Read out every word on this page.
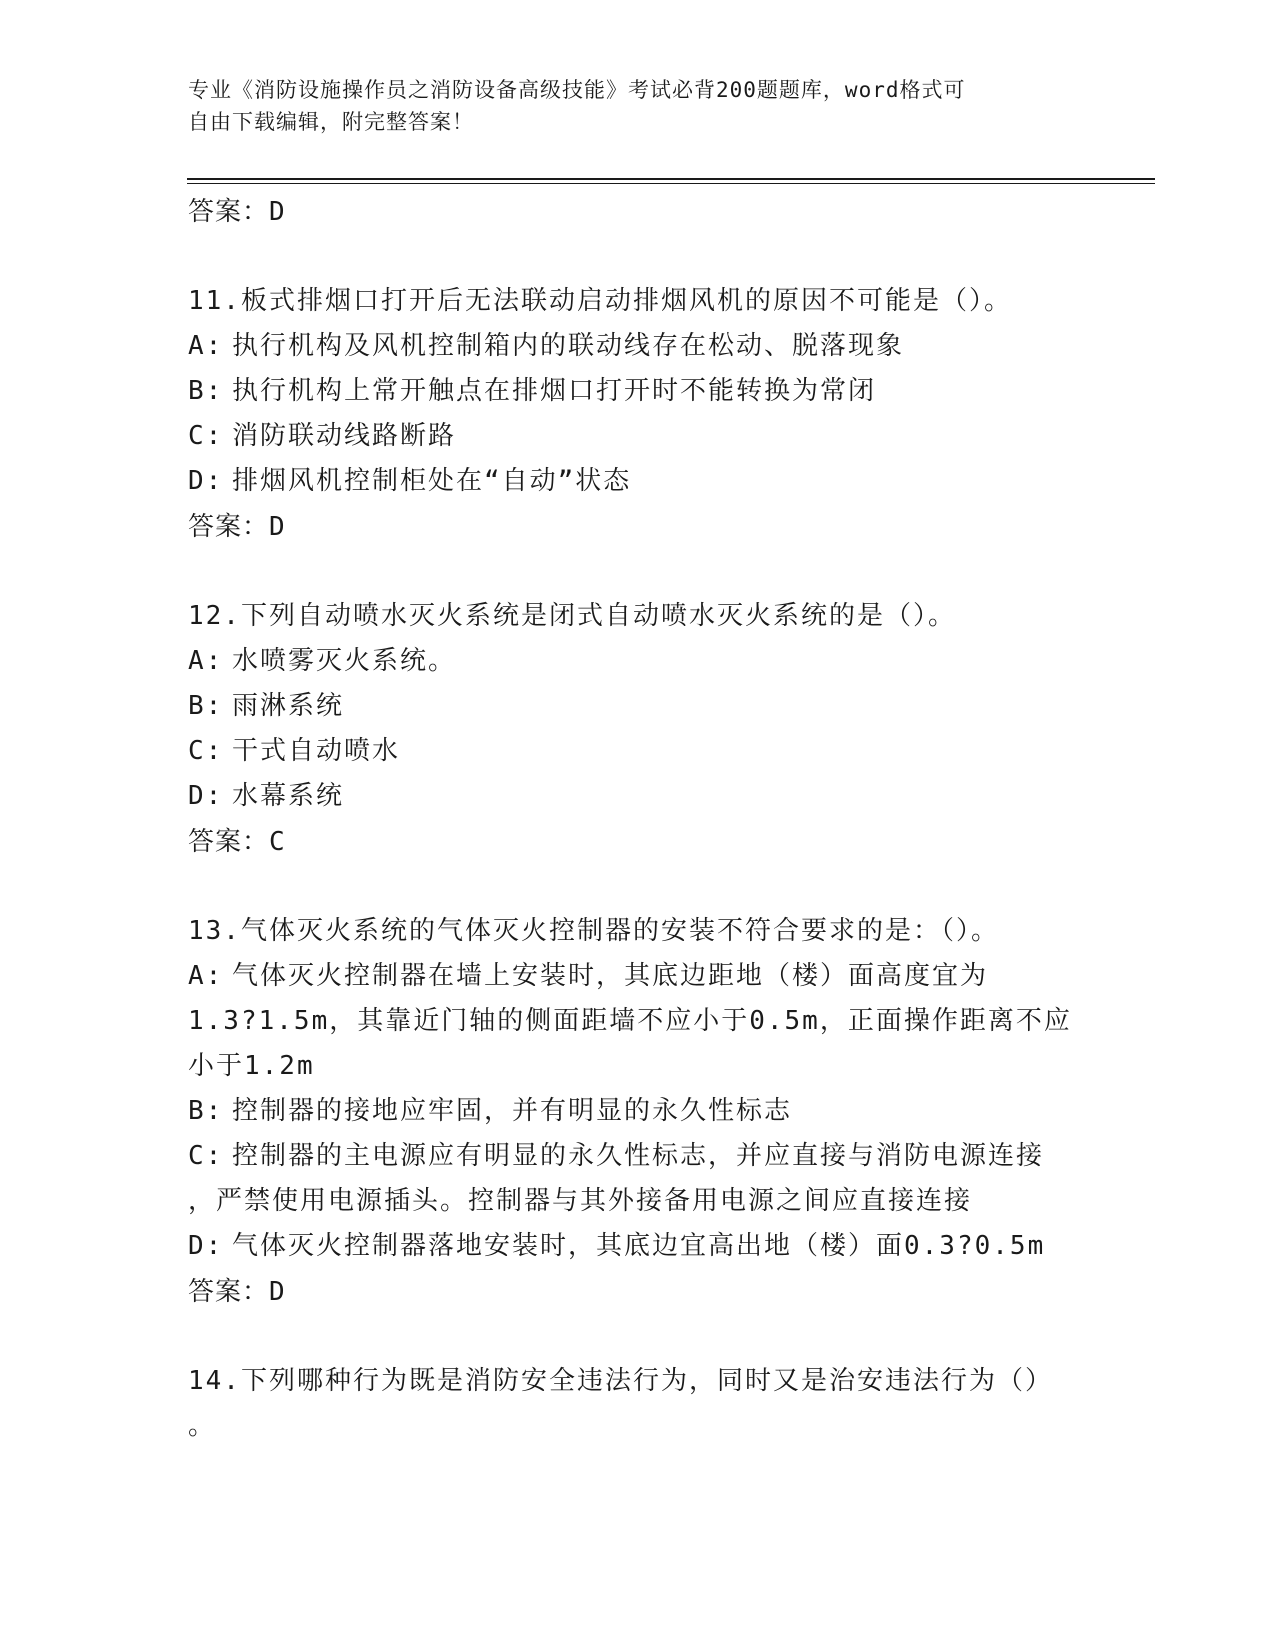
专业《消防设施操作员之消防设备高级技能》考试必背200题题库，word格式可
自由下载编辑，附完整答案！
答案：D
11.板式排烟口打开后无法联动启动排烟风机的原因不可能是（）。
A: 执行机构及风机控制箱内的联动线存在松动、脱落现象
B: 执行机构上常开触点在排烟口打开时不能转换为常闭
C: 消防联动线路断路
D: 排烟风机控制柜处在“自动”状态
答案：D
12.下列自动喷水灭火系统是闭式自动喷水灭火系统的是（）。
A: 水喷雾灭火系统。
B: 雨淋系统
C: 干式自动喷水
D: 水幕系统
答案：C
13.气体灭火系统的气体灭火控制器的安装不符合要求的是：（）。
A: 气体灭火控制器在墙上安装时，其底边距地（楼）面高度宜为
1.3?1.5m，其靠近门轴的侧面距墙不应小于0.5m，正面操作距离不应
小于1.2m
B: 控制器的接地应牢固，并有明显的永久性标志
C: 控制器的主电源应有明显的永久性标志，并应直接与消防电源连接
，严禁使用电源插头。控制器与其外接备用电源之间应直接连接
D: 气体灭火控制器落地安装时，其底边宜高出地（楼）面0.3?0.5m
答案：D
14.下列哪种行为既是消防安全违法行为，同时又是治安违法行为（）
。
